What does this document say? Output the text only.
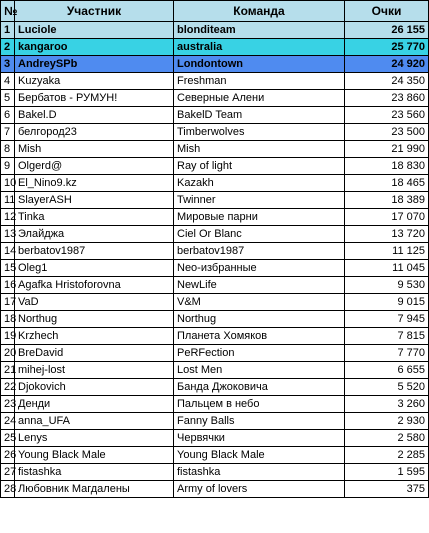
№	Участник	Команда	Очки
1	Luciole	blonditeam	26 155
2	kangaroo	australia	25 770
3	AndreySPb	Londontown	24 920
4	Kuzyaka	Freshman	24 350
5	Бербатов - РУМУН!	Северные Алени	23 860
6	Bakel.D	BakelD Team	23 560
7	белгород23	Timberwolves	23 500
8	Mish	Mish	21 990
9	Olgerd@	Ray of light	18 830
10	El_Nino9.kz	Kazakh	18 465
11	SlayerASH	Twinner	18 389
12	Tinka	Мировые парни	17 070
13	Элайджа	Ciel Or Blanc	13 720
14	berbatov1987	berbatov1987	11 125
15	Oleg1	Neo-избранные	11 045
16	Agafka Hristoforovna	NewLife	9 530
17	VaD	V&M	9 015
18	Northug	Northug	7 945
19	Krzhech	Планета Хомяков	7 815
20	BreDavid	PeRFection	7 770
21	mihej-lost	Lost Men	6 655
22	Djokovich	Банда Джоковича	5 520
23	Денди	Пальцем в небо	3 260
24	anna_UFA	Fanny Balls	2 930
25	Lenys	Червячки	2 580
26	Young Black Male	Young Black Male	2 285
27	fistashka	fistashka	1 595
28	Любовник Магдалены	Army of lovers	375
